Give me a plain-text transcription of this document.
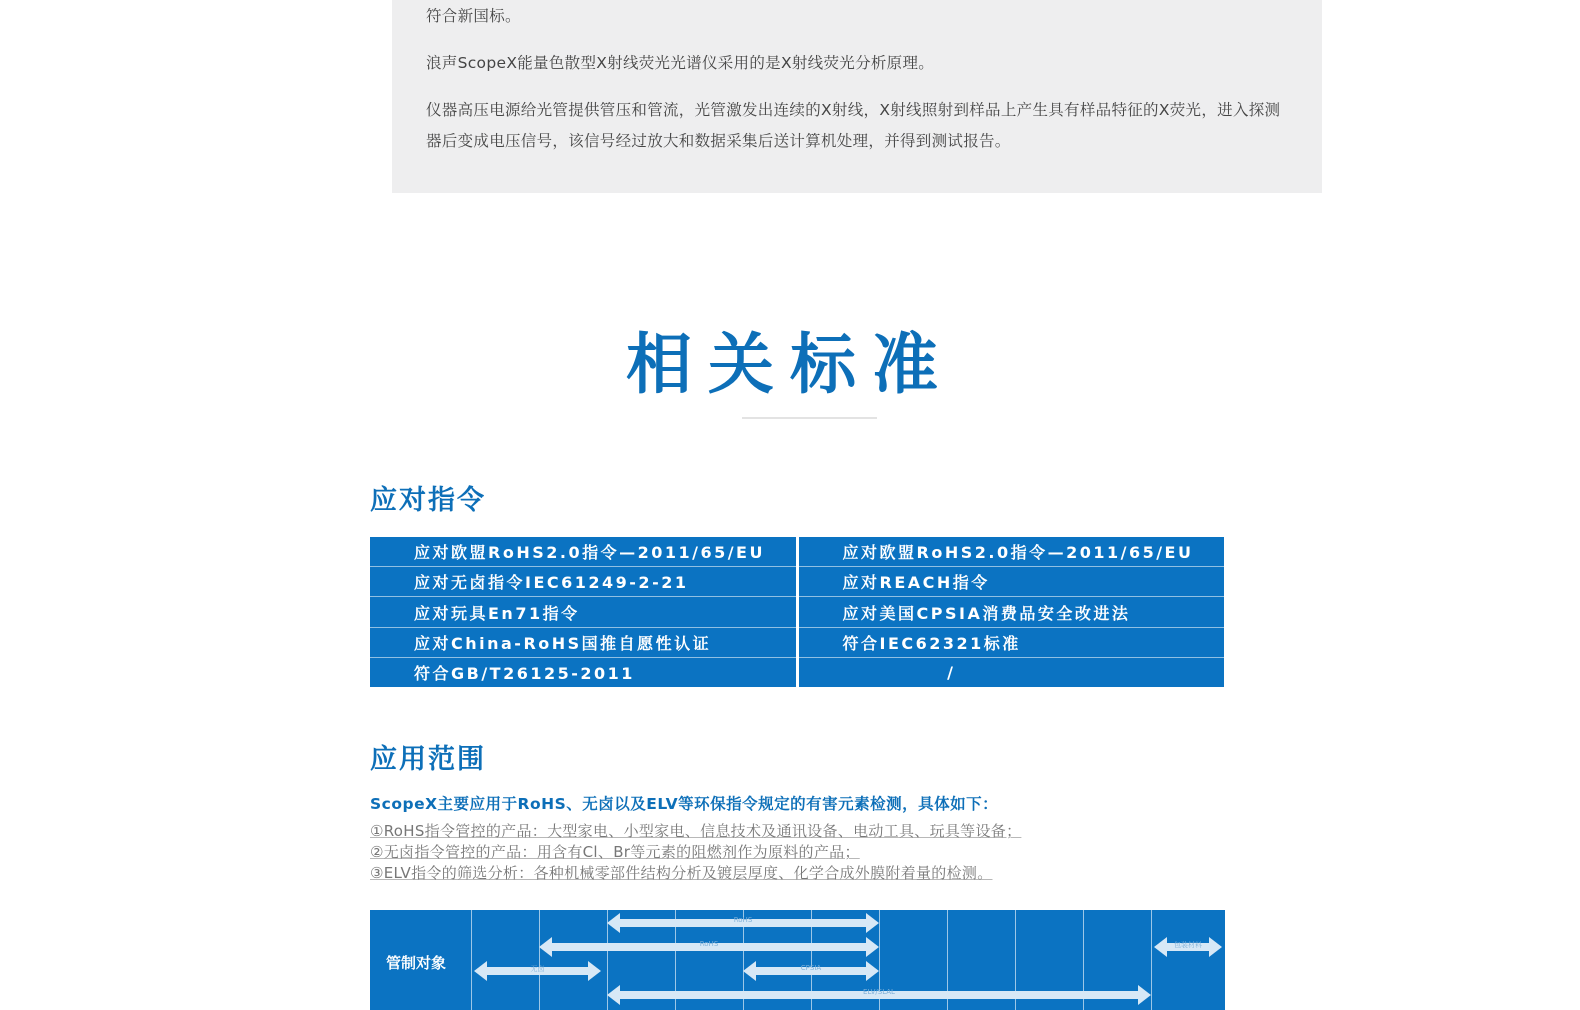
符合新国标。

浪声ScopeX能量色散型X射线荧光光谱仪采用的是X射线荧光分析原理。

仪器高压电源给光管提供管压和管流，光管激发出连续的X射线，X射线照射到样品上产生具有样品特征的X荧光，进入探测器后变成电压信号，该信号经过放大和数据采集后送计算机处理，并得到测试报告。

相关标准
应对指令
应对欧盟RoHS2.0指令—2011/65/EU
应对无卤指令IEC61249-2-21
应对玩具En71指令
应对China-RoHS国推自愿性认证
符合GB/T26125-2011
应对欧盟RoHS2.0指令—2011/65/EU
应对REACH指令
应对美国CPSIA消费品安全改进法
符合IEC62321标准
/
应用范围
ScopeX主要应用于RoHS、无卤以及ELV等环保指令规定的有害元素检测，具体如下：
①RoHS指令管控的产品：大型家电、小型家电、信息技术及通讯设备、电动工具、玩具等设备；
②无卤指令管控的产品：用含有Cl、Br等元素的阻燃剂作为原料的产品；
③ELV指令的筛选分析：各种机械零部件结构分析及镀层厚度、化学合成外膜附着量的检测。
管制对象
RoHS
RoHS
无卤	CPSIA
ELV/SLAL
包装材料
